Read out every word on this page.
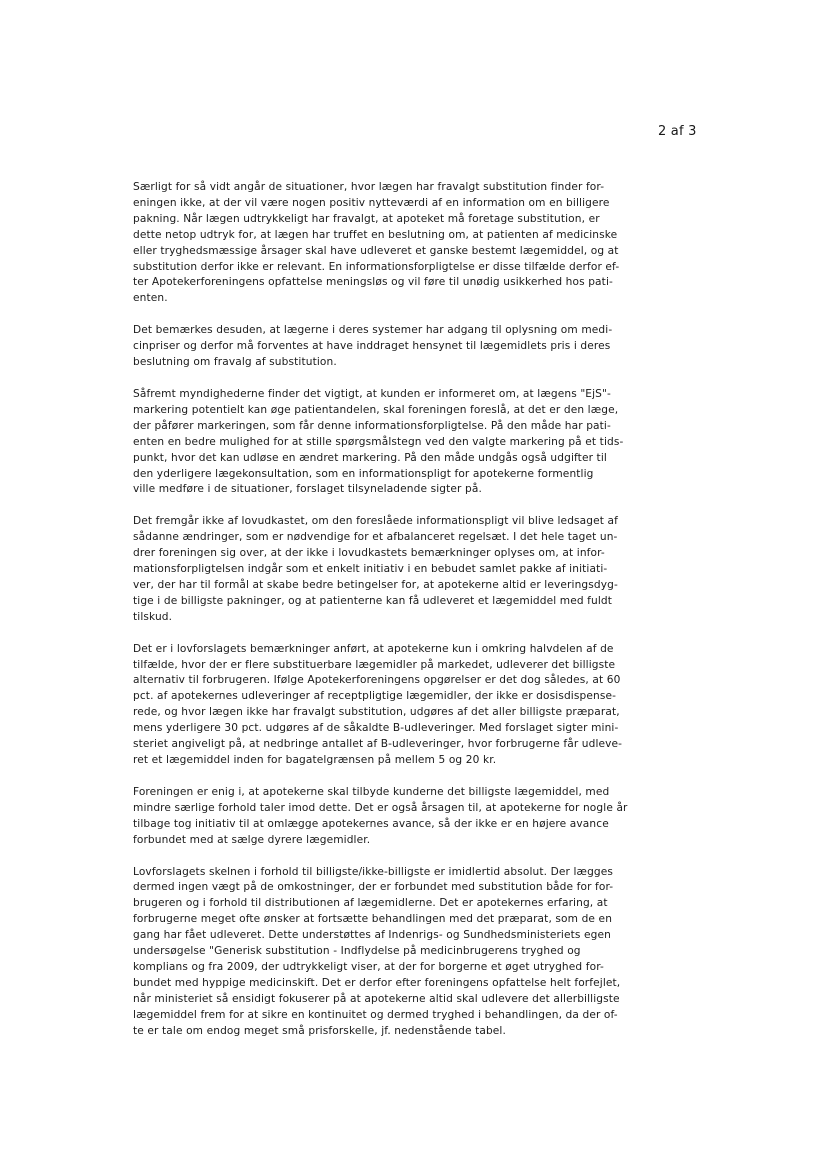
2 af 3

Særligt for så vidt angår de situationer, hvor lægen har fravalgt substitution finder for-
eningen ikke, at der vil være nogen positiv nytteværdi af en information om en billigere
pakning. Når lægen udtrykkeligt har fravalgt, at apoteket må foretage substitution, er
dette netop udtryk for, at lægen har truffet en beslutning om, at patienten af medicinske
eller tryghedsmæssige årsager skal have udleveret et ganske bestemt lægemiddel, og at
substitution derfor ikke er relevant. En informationsforpligtelse er disse tilfælde derfor ef-
ter Apotekerforeningens opfattelse meningsløs og vil føre til unødig usikkerhed hos pati-
enten.

Det bemærkes desuden, at lægerne i deres systemer har adgang til oplysning om medi-
cinpriser og derfor må forventes at have inddraget hensynet til lægemidlets pris i deres
beslutning om fravalg af substitution.

Såfremt myndighederne finder det vigtigt, at kunden er informeret om, at lægens "EjS"-
markering potentielt kan øge patientandelen, skal foreningen foreslå, at det er den læge,
der påfører markeringen, som får denne informationsforpligtelse. På den måde har pati-
enten en bedre mulighed for at stille spørgsmålstegn ved den valgte markering på et tids-
punkt, hvor det kan udløse en ændret markering. På den måde undgås også udgifter til
den yderligere lægekonsultation, som en informationspligt for apotekerne formentlig
ville medføre i de situationer, forslaget tilsyneladende sigter på.

Det fremgår ikke af lovudkastet, om den foreslåede informationspligt vil blive ledsaget af
sådanne ændringer, som er nødvendige for et afbalanceret regelsæt. I det hele taget un-
drer foreningen sig over, at der ikke i lovudkastets bemærkninger oplyses om, at infor-
mationsforpligtelsen indgår som et enkelt initiativ i en bebudet samlet pakke af initiati-
ver, der har til formål at skabe bedre betingelser for, at apotekerne altid er leveringsdyg-
tige i de billigste pakninger, og at patienterne kan få udleveret et lægemiddel med fuldt
tilskud.

Det er i lovforslagets bemærkninger anført, at apotekerne kun i omkring halvdelen af de
tilfælde, hvor der er flere substituerbare lægemidler på markedet, udleverer det billigste
alternativ til forbrugeren. Ifølge Apotekerforeningens opgørelser er det dog således, at 60
pct. af apotekernes udleveringer af receptpligtige lægemidler, der ikke er dosisdispense-
rede, og hvor lægen ikke har fravalgt substitution, udgøres af det aller billigste præparat,
mens yderligere 30 pct. udgøres af de såkaldte B-udleveringer. Med forslaget sigter mini-
steriet angiveligt på, at nedbringe antallet af B-udleveringer, hvor forbrugerne får udleve-
ret et lægemiddel inden for bagatelgrænsen på mellem 5 og 20 kr.

Foreningen er enig i, at apotekerne skal tilbyde kunderne det billigste lægemiddel, med
mindre særlige forhold taler imod dette. Det er også årsagen til, at apotekerne for nogle år
tilbage tog initiativ til at omlægge apotekernes avance, så der ikke er en højere avance
forbundet med at sælge dyrere lægemidler.

Lovforslagets skelnen i forhold til billigste/ikke-billigste er imidlertid absolut. Der lægges
dermed ingen vægt på de omkostninger, der er forbundet med substitution både for for-
brugeren og i forhold til distributionen af lægemidlerne. Det er apotekernes erfaring, at
forbrugerne meget ofte ønsker at fortsætte behandlingen med det præparat, som de en
gang har fået udleveret. Dette understøttes af Indenrigs- og Sundhedsministeriets egen
undersøgelse "Generisk substitution - Indflydelse på medicinbrugerens tryghed og
komplians og fra 2009, der udtrykkeligt viser, at der for borgerne et øget utryghed for-
bundet med hyppige medicinskift. Det er derfor efter foreningens opfattelse helt forfejlet,
når ministeriet så ensidigt fokuserer på at apotekerne altid skal udlevere det allerbilligste
lægemiddel frem for at sikre en kontinuitet og dermed tryghed i behandlingen, da der of-
te er tale om endog meget små prisforskelle, jf. nedenstående tabel.
